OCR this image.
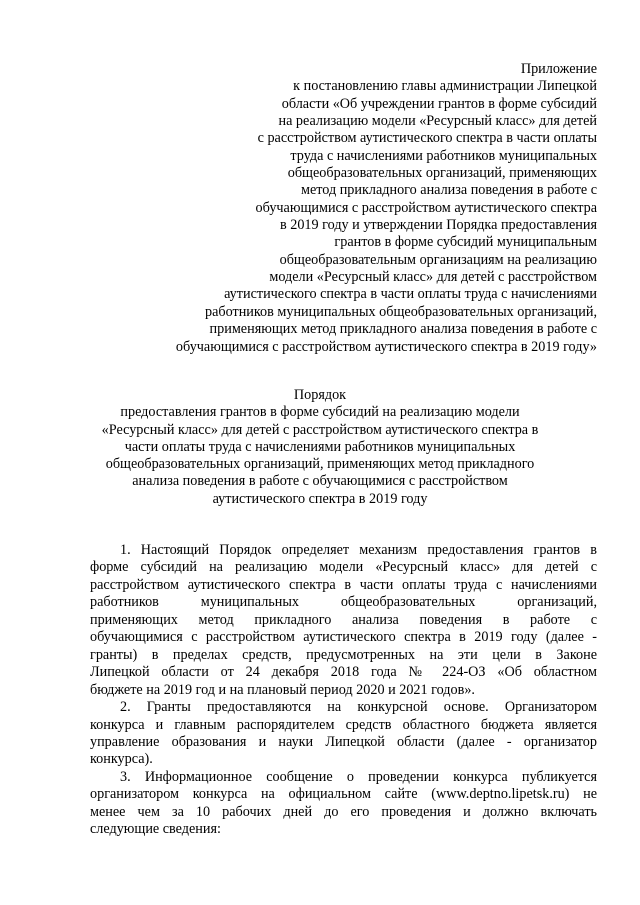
Приложение
к постановлению главы администрации Липецкой
области «Об учреждении грантов в форме субсидий
на реализацию модели «Ресурсный класс» для детей
с расстройством аутистического спектра в части оплаты
труда с начислениями работников муниципальных
общеобразовательных организаций, применяющих
метод прикладного анализа поведения в работе с
обучающимися с расстройством аутистического спектра
в 2019 году и утверждении Порядка предоставления
грантов в форме субсидий муниципальным
общеобразовательным организациям на реализацию
модели «Ресурсный класс» для детей с расстройством
аутистического спектра в части оплаты труда с начислениями
работников муниципальных общеобразовательных организаций,
применяющих метод прикладного анализа поведения в работе с
обучающимися с расстройством аутистического спектра в 2019 году»
Порядок
предоставления грантов в форме субсидий на реализацию модели
«Ресурсный класс» для детей с расстройством аутистического спектра в
части оплаты труда с начислениями работников муниципальных
общеобразовательных организаций, применяющих метод прикладного
анализа поведения в работе с обучающимися с расстройством
аутистического спектра в 2019 году
1. Настоящий Порядок определяет механизм предоставления грантов в
форме субсидий на реализацию модели «Ресурсный класс» для детей с
расстройством аутистического спектра в части оплаты труда с начислениями
работников муниципальных общеобразовательных организаций,
применяющих метод прикладного анализа поведения в работе с
обучающимися с расстройством аутистического спектра в 2019 году (далее -
гранты) в пределах средств, предусмотренных на эти цели в Законе
Липецкой области от 24 декабря 2018 года № 224-ОЗ «Об областном
бюджете на 2019 год и на плановый период 2020 и 2021 годов».
2. Гранты предоставляются на конкурсной основе. Организатором
конкурса и главным распорядителем средств областного бюджета является
управление образования и науки Липецкой области (далее - организатор
конкурса).
3. Информационное сообщение о проведении конкурса публикуется
организатором конкурса на официальном сайте (www.deptno.lipetsk.ru) не
менее чем за 10 рабочих дней до его проведения и должно включать
следующие сведения:
